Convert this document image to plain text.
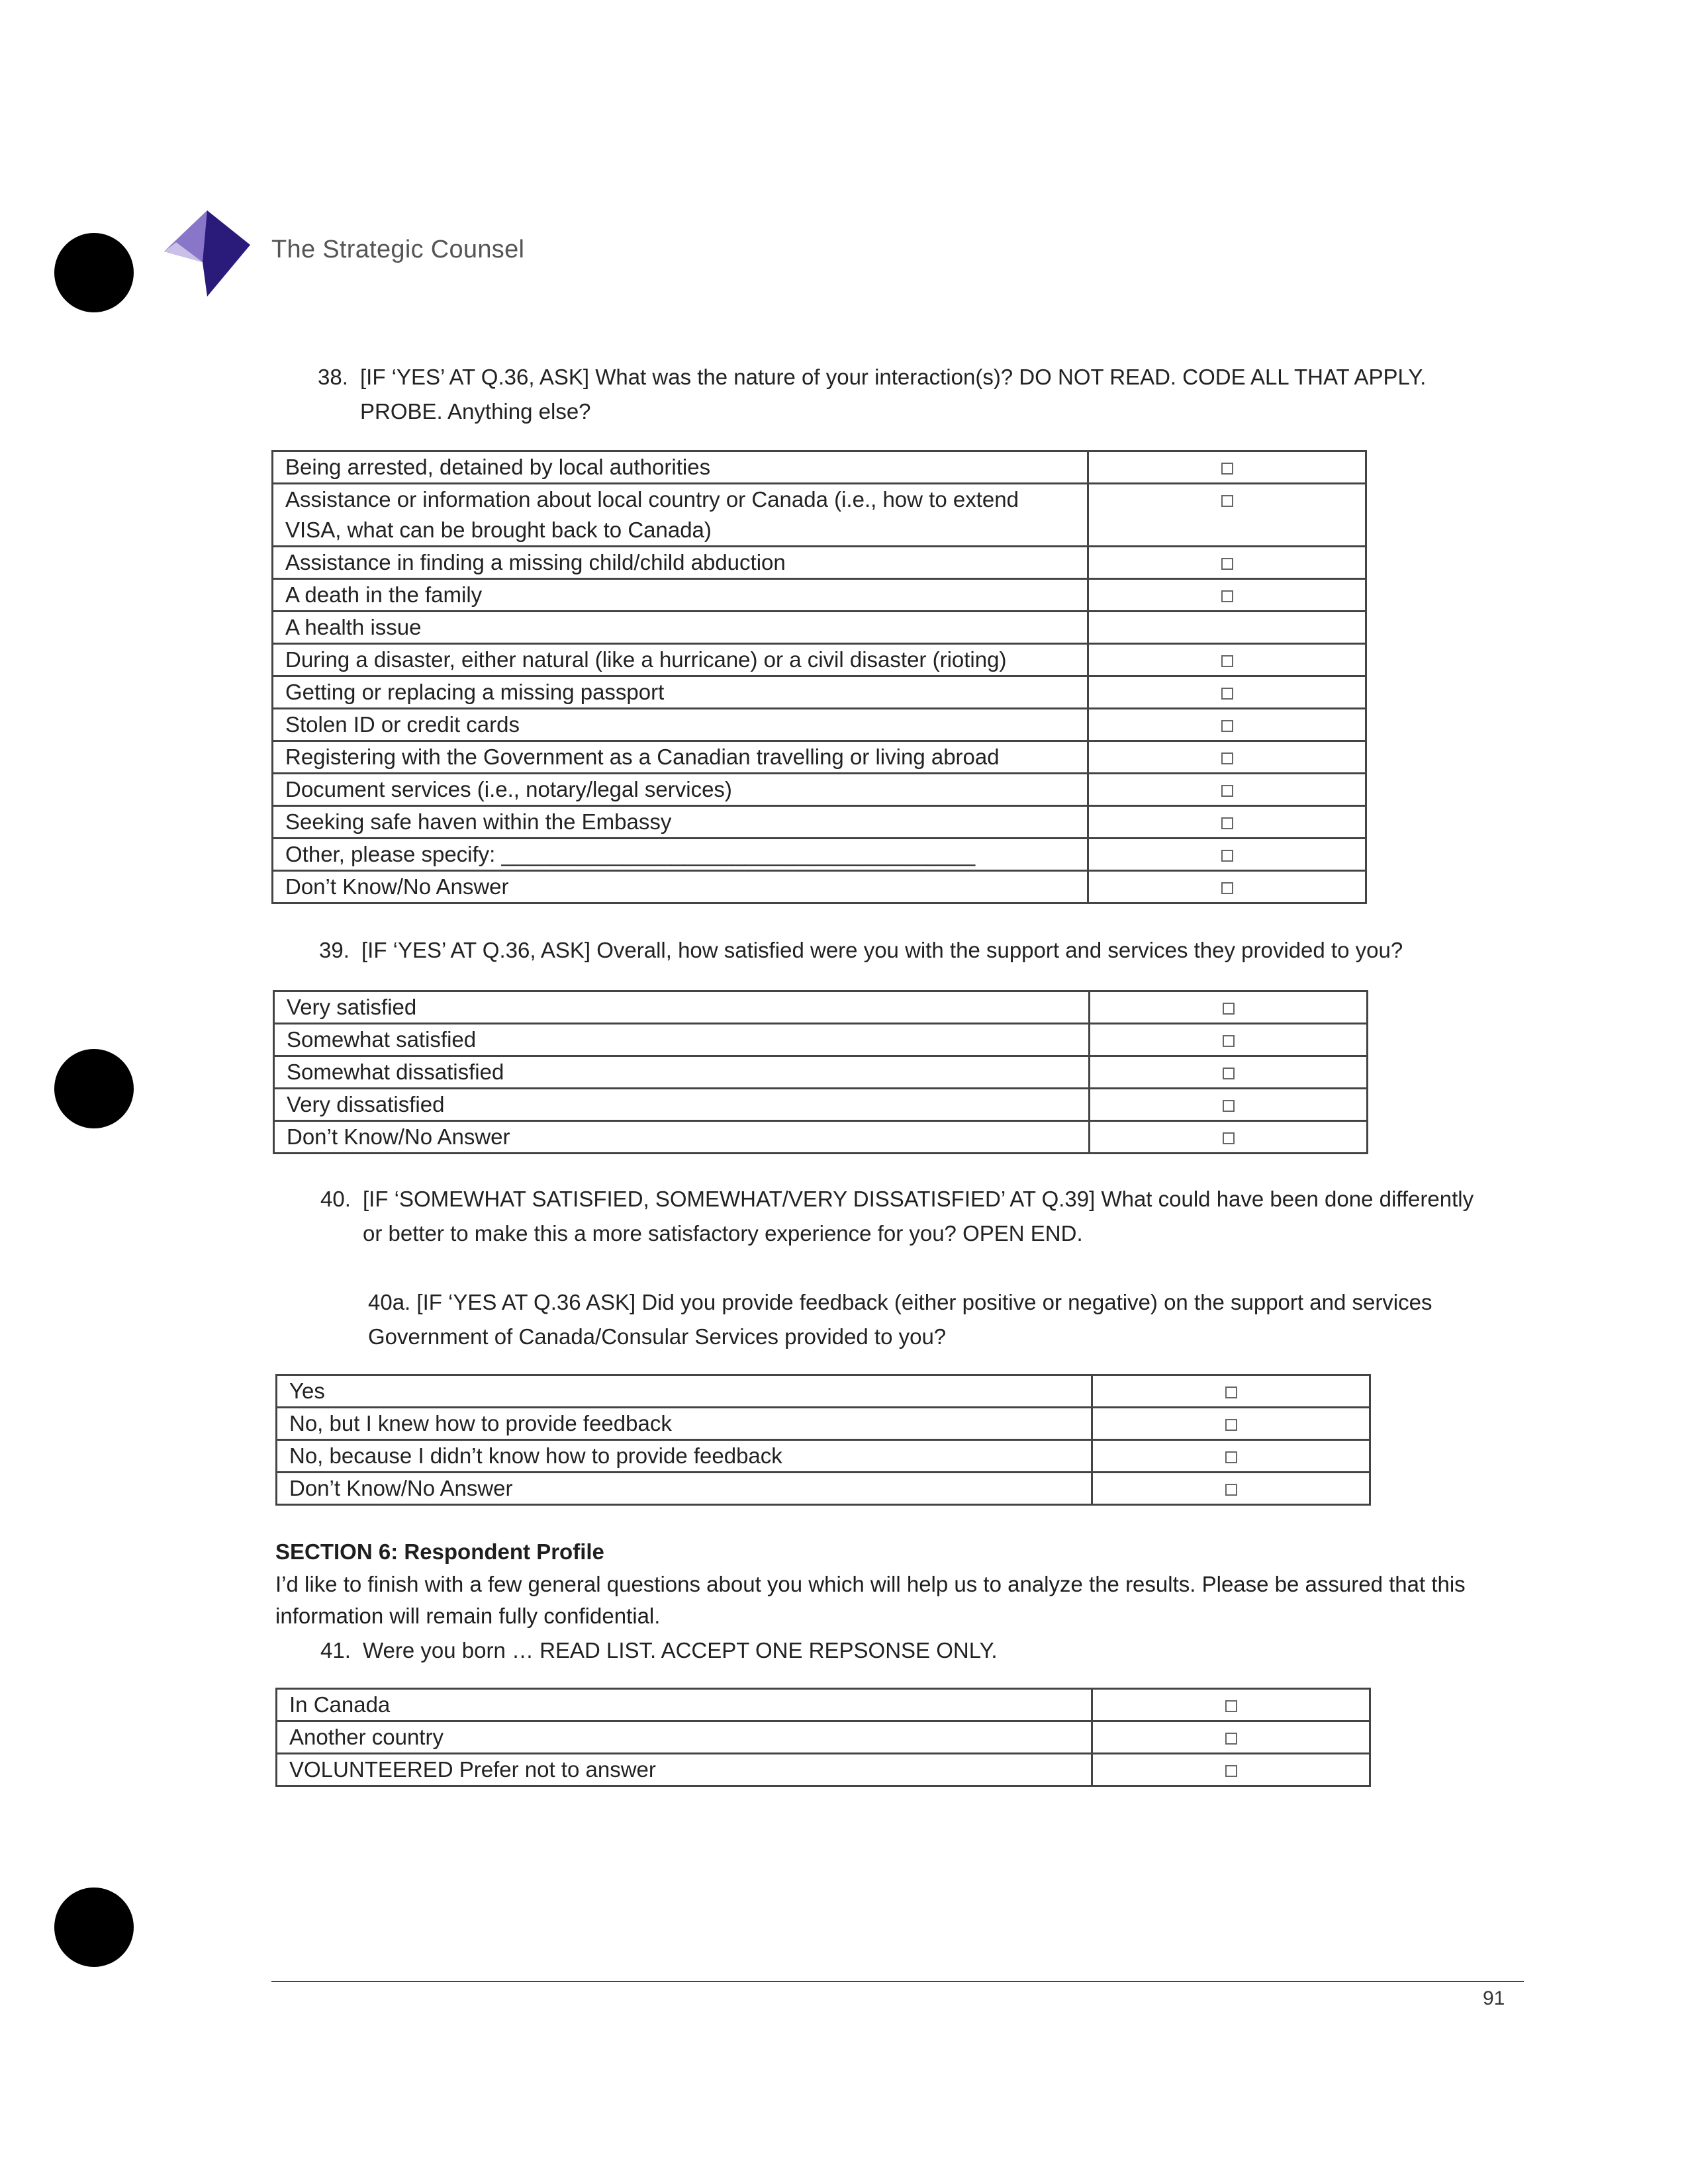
The Strategic Counsel
38. [IF ‘YES’ AT Q.36, ASK] What was the nature of your interaction(s)? DO NOT READ. CODE ALL THAT APPLY. PROBE. Anything else?
Being arrested, detained by local authorities	
Assistance or information about local country or Canada (i.e., how to extend VISA, what can be brought back to Canada)	
Assistance in finding a missing child/child abduction	
A death in the family	
A health issue	
During a disaster, either natural (like a hurricane) or a civil disaster (rioting)	
Getting or replacing a missing passport	
Stolen ID or credit cards	
Registering with the Government as a Canadian travelling or living abroad	
Document services (i.e., notary/legal services)	
Seeking safe haven within the Embassy	
Other, please specify: _______________________________________	
Don’t Know/No Answer	
39. [IF ‘YES’ AT Q.36, ASK] Overall, how satisfied were you with the support and services they provided to you?
Very satisfied	
Somewhat satisfied	
Somewhat dissatisfied	
Very dissatisfied	
Don’t Know/No Answer	
40. [IF ‘SOMEWHAT SATISFIED, SOMEWHAT/VERY DISSATISFIED’ AT Q.39] What could have been done differently or better to make this a more satisfactory experience for you? OPEN END.
40a. [IF ‘YES AT Q.36 ASK] Did you provide feedback (either positive or negative) on the support and services Government of Canada/Consular Services provided to you?
Yes	
No, but I knew how to provide feedback	
No, because I didn’t know how to provide feedback	
Don’t Know/No Answer	
SECTION 6: Respondent Profile
I’d like to finish with a few general questions about you which will help us to analyze the results. Please be assured that this information will remain fully confidential.
41. Were you born … READ LIST. ACCEPT ONE REPSONSE ONLY.
In Canada	
Another country	
VOLUNTEERED Prefer not to answer	
91
